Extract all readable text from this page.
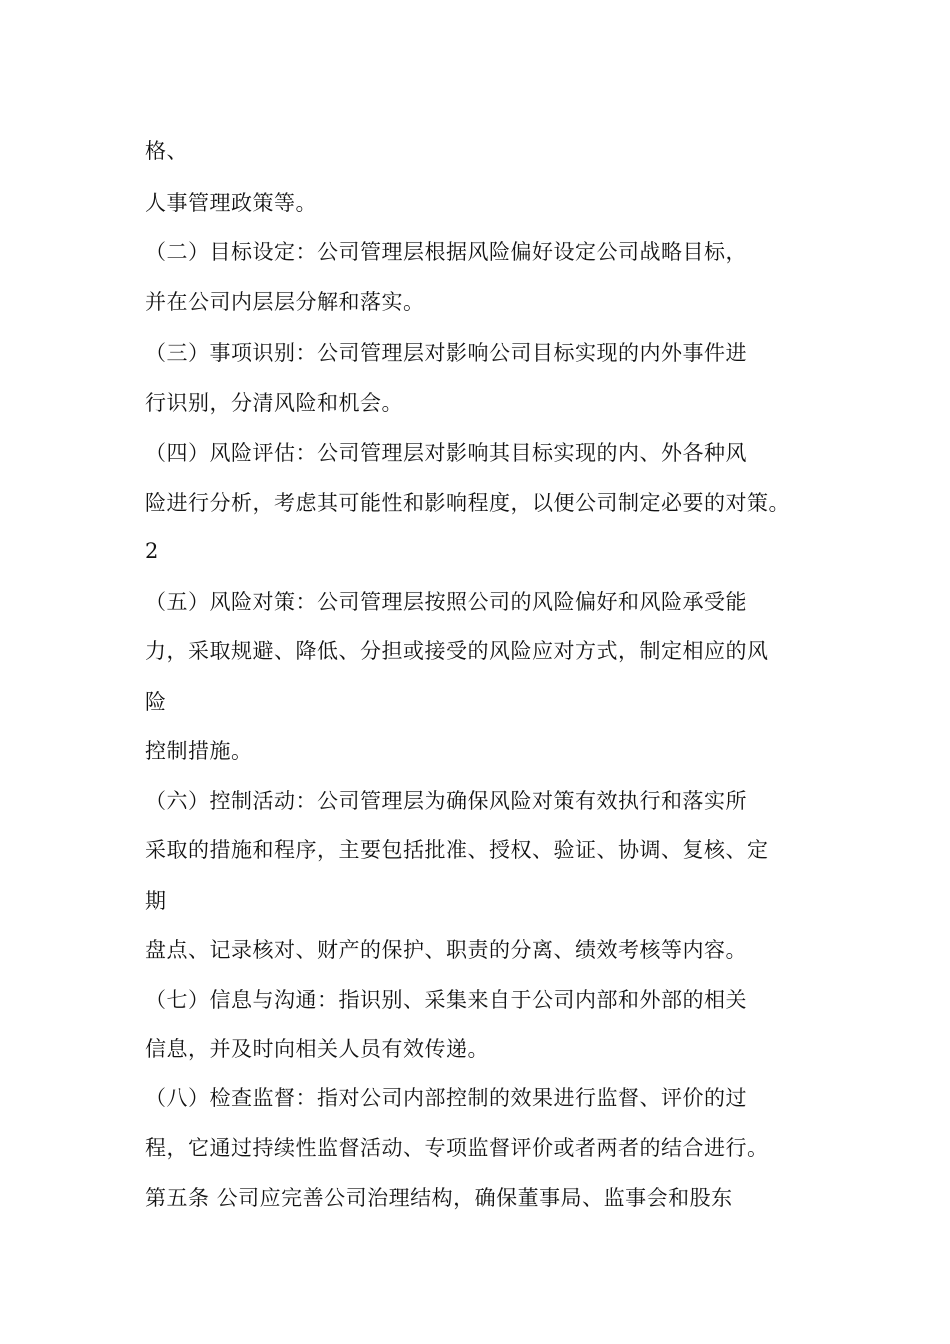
格、
人事管理政策等。
（二）目标设定：公司管理层根据风险偏好设定公司战略目标，
并在公司内层层分解和落实。
（三）事项识别：公司管理层对影响公司目标实现的内外事件进
行识别，分清风险和机会。
（四）风险评估：公司管理层对影响其目标实现的内、外各种风
险进行分析，考虑其可能性和影响程度，以便公司制定必要的对策。
2
（五）风险对策：公司管理层按照公司的风险偏好和风险承受能
力，采取规避、降低、分担或接受的风险应对方式，制定相应的风
险
控制措施。
（六）控制活动：公司管理层为确保风险对策有效执行和落实所
采取的措施和程序，主要包括批准、授权、验证、协调、复核、定
期
盘点、记录核对、财产的保护、职责的分离、绩效考核等内容。
（七）信息与沟通：指识别、采集来自于公司内部和外部的相关
信息，并及时向相关人员有效传递。
（八）检查监督：指对公司内部控制的效果进行监督、评价的过
程，它通过持续性监督活动、专项监督评价或者两者的结合进行。
第五条 公司应完善公司治理结构，确保董事局、监事会和股东
